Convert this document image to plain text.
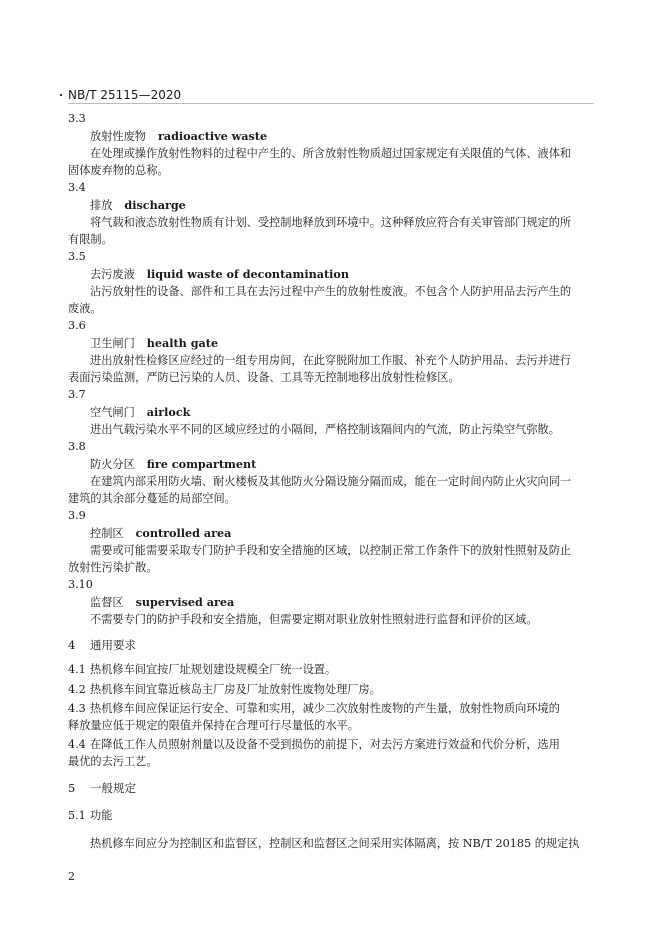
NB/T 25115—2020
3.3
放射性废物 radioactive waste
在处理或操作放射性物料的过程中产生的、所含放射性物质超过国家规定有关限值的气体、液体和
固体废弃物的总称。
3.4
排放 discharge
将气载和液态放射性物质有计划、受控制地释放到环境中。这种释放应符合有关审管部门规定的所
有限制。
3.5
去污废液 liquid waste of decontamination
沾污放射性的设备、部件和工具在去污过程中产生的放射性废液。不包含个人防护用品去污产生的
废液。
3.6
卫生闸门 health gate
进出放射性检修区应经过的一组专用房间，在此穿脱附加工作服、补充个人防护用品、去污并进行
表面污染监测，严防已污染的人员、设备、工具等无控制地移出放射性检修区。
3.7
空气闸门 airlock
进出气载污染水平不同的区域应经过的小隔间，严格控制该隔间内的气流，防止污染空气弥散。
3.8
防火分区 fire compartment
在建筑内部采用防火墙、耐火楼板及其他防火分隔设施分隔而成，能在一定时间内防止火灾向同一
建筑的其余部分蔓延的局部空间。
3.9
控制区 controlled area
需要或可能需要采取专门防护手段和安全措施的区域，以控制正常工作条件下的放射性照射及防止
放射性污染扩散。
3.10
监督区 supervised area
不需要专门的防护手段和安全措施，但需要定期对职业放射性照射进行监督和评价的区域。
4 通用要求
4.1 热机修车间宜按厂址规划建设规模全厂统一设置。
4.2 热机修车间宜靠近核岛主厂房及厂址放射性废物处理厂房。
4.3 热机修车间应保证运行安全、可靠和实用，减少二次放射性废物的产生量，放射性物质向环境的
释放量应低于规定的限值并保持在合理可行尽量低的水平。
4.4 在降低工作人员照射剂量以及设备不受到损伤的前提下，对去污方案进行效益和代价分析，选用
最优的去污工艺。
5 一般规定
5.1 功能
热机修车间应分为控制区和监督区，控制区和监督区之间采用实体隔离，按 NB/T 20185 的规定执
2
